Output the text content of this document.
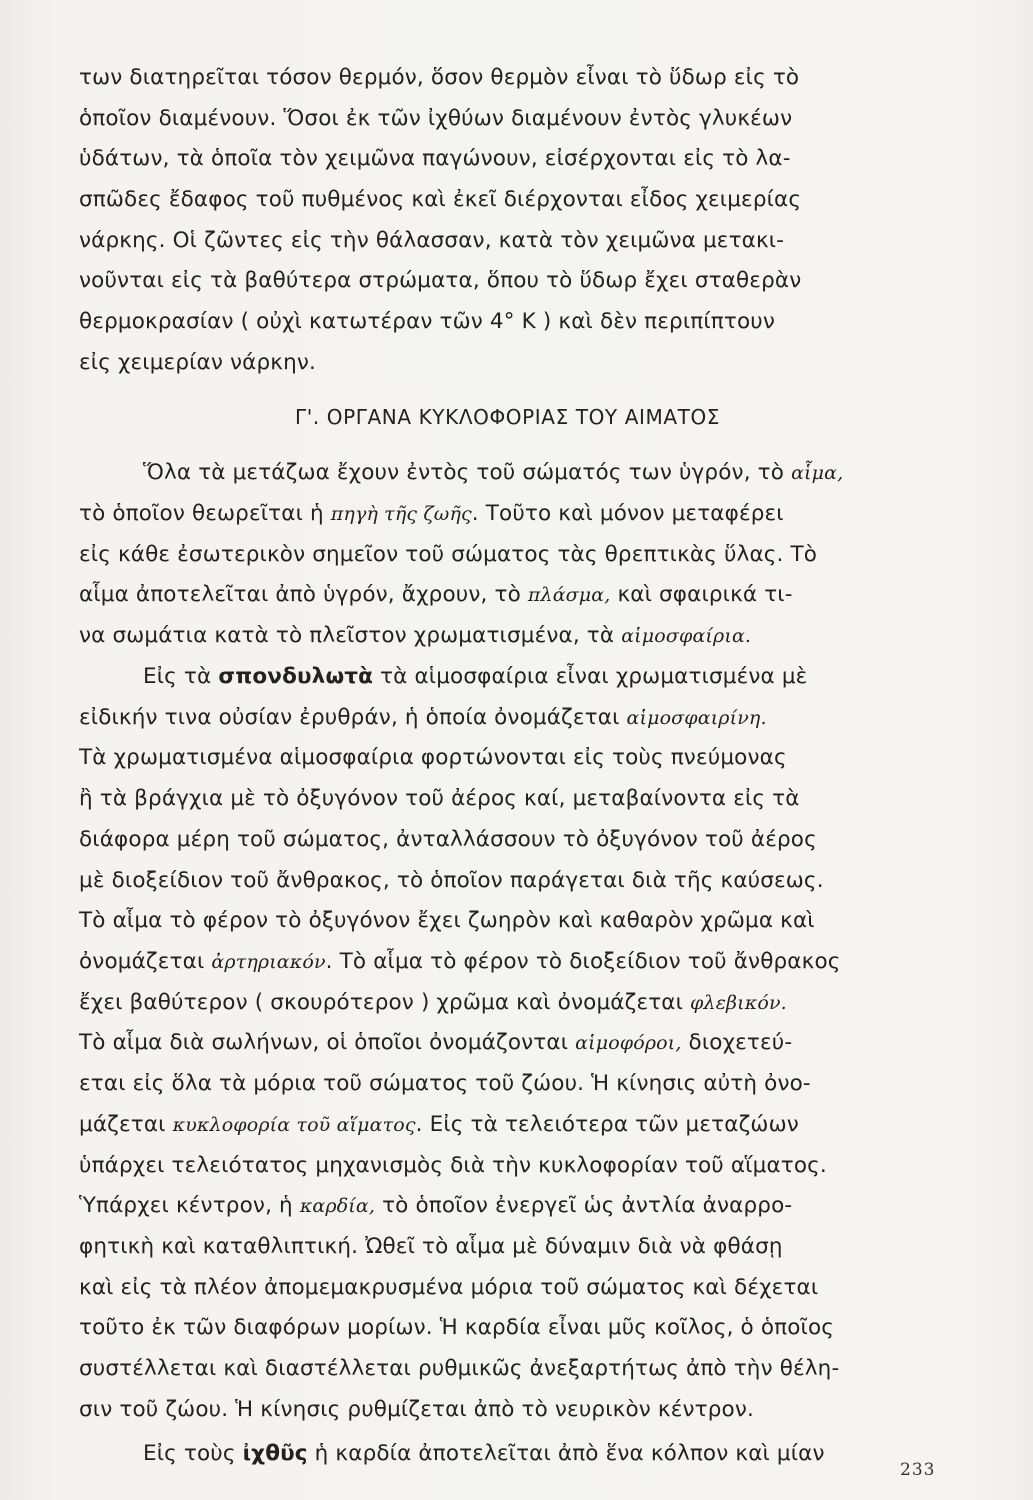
των διατηρεῖται τόσον θερμόν, ὅσον θερμὸν εἶναι τὸ ὕδωρ εἰς τὸ
ὁποῖον διαμένουν. Ὅσοι ἐκ τῶν ἰχθύων διαμένουν ἐντὸς γλυκέων
ὑδάτων, τὰ ὁποῖα τὸν χειμῶνα παγώνουν, εἰσέρχονται εἰς τὸ λα-
σπῶδες ἔδαφος τοῦ πυθμένος καὶ ἐκεῖ διέρχονται εἶδος χειμερίας
νάρκης. Οἱ ζῶντες εἰς τὴν θάλασσαν, κατὰ τὸν χειμῶνα μετακι-
νοῦνται εἰς τὰ βαθύτερα στρώματα, ὅπου τὸ ὕδωρ ἔχει σταθερὰν
θερμοκρασίαν ( οὐχὶ κατωτέραν τῶν 4° Κ ) καὶ δὲν περιπίπτουν
εἰς χειμερίαν νάρκην.
Γ'. ΟΡΓΑΝΑ ΚΥΚΛΟΦΟΡΙΑΣ ΤΟΥ ΑΙΜΑΤΟΣ
Ὅλα τὰ μετάζωα ἔχουν ἐντὸς τοῦ σώματός των ὑγρόν, τὸ αἷμα,
τὸ ὁποῖον θεωρεῖται ἡ πηγὴ τῆς ζωῆς. Τοῦτο καὶ μόνον μεταφέρει
εἰς κάθε ἐσωτερικὸν σημεῖον τοῦ σώματος τὰς θρεπτικὰς ὕλας. Τὸ
αἷμα ἀποτελεῖται ἀπὸ ὑγρόν, ἄχρουν, τὸ πλάσμα, καὶ σφαιρικά τι-
να σωμάτια κατὰ τὸ πλεῖστον χρωματισμένα, τὰ αἱμοσφαίρια.
Εἰς τὰ σπονδυλωτὰ τὰ αἱμοσφαίρια εἶναι χρωματισμένα μὲ
εἰδικήν τινα οὐσίαν ἐρυθράν, ἡ ὁποία ὀνομάζεται αἱμοσφαιρίνη.
Τὰ χρωματισμένα αἱμοσφαίρια φορτώνονται εἰς τοὺς πνεύμονας
ἢ τὰ βράγχια μὲ τὸ ὀξυγόνον τοῦ ἀέρος καί, μεταβαίνοντα εἰς τὰ
διάφορα μέρη τοῦ σώματος, ἀνταλλάσσουν τὸ ὀξυγόνον τοῦ ἀέρος
μὲ διοξείδιον τοῦ ἄνθρακος, τὸ ὁποῖον παράγεται διὰ τῆς καύσεως.
Τὸ αἷμα τὸ φέρον τὸ ὀξυγόνον ἔχει ζωηρὸν καὶ καθαρὸν χρῶμα καὶ
ὀνομάζεται ἀρτηριακόν. Τὸ αἷμα τὸ φέρον τὸ διοξείδιον τοῦ ἄνθρακος
ἔχει βαθύτερον ( σκουρότερον ) χρῶμα καὶ ὀνομάζεται φλεβικόν.
Τὸ αἷμα διὰ σωλήνων, οἱ ὁποῖοι ὀνομάζονται αἱμοφόροι, διοχετεύ-
εται εἰς ὅλα τὰ μόρια τοῦ σώματος τοῦ ζώου. Ἡ κίνησις αὐτὴ ὀνο-
μάζεται κυκλοφορία τοῦ αἵματος. Εἰς τὰ τελειότερα τῶν μεταζώων
ὑπάρχει τελειότατος μηχανισμὸς διὰ τὴν κυκλοφορίαν τοῦ αἵματος.
Ὑπάρχει κέντρον, ἡ καρδία, τὸ ὁποῖον ἐνεργεῖ ὡς ἀντλία ἀναρρο-
φητικὴ καὶ καταθλιπτική. Ὠθεῖ τὸ αἷμα μὲ δύναμιν διὰ νὰ φθάσῃ
καὶ εἰς τὰ πλέον ἀπομεμακρυσμένα μόρια τοῦ σώματος καὶ δέχεται
τοῦτο ἐκ τῶν διαφόρων μορίων. Ἡ καρδία εἶναι μῦς κοῖλος, ὁ ὁποῖος
συστέλλεται καὶ διαστέλλεται ρυθμικῶς ἀνεξαρτήτως ἀπὸ τὴν θέλη-
σιν τοῦ ζώου. Ἡ κίνησις ρυθμίζεται ἀπὸ τὸ νευρικὸν κέντρον.
Εἰς τοὺς ἰχθῦς ἡ καρδία ἀποτελεῖται ἀπὸ ἕνα κόλπον καὶ μίαν
233
